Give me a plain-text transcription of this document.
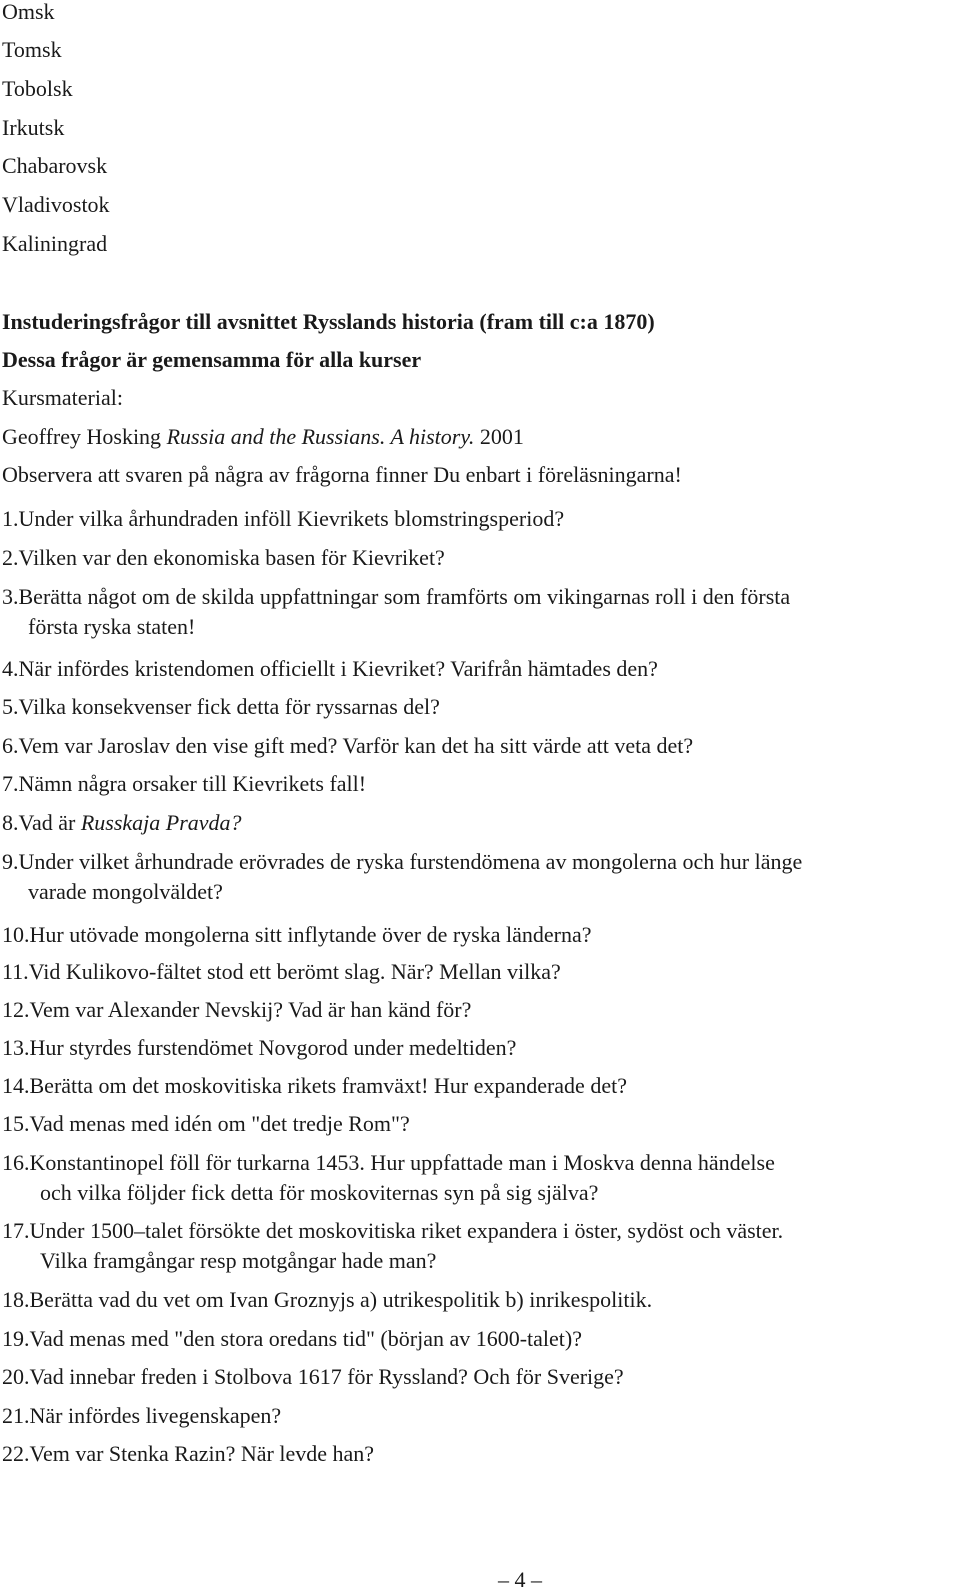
Omsk
Tomsk
Tobolsk
Irkutsk
Chabarovsk
Vladivostok
Kaliningrad
Instuderingsfrågor till avsnittet Rysslands historia (fram till c:a 1870)
Dessa frågor är gemensamma för alla kurser
Kursmaterial:
Geoffrey Hosking Russia and the Russians. A history. 2001
Observera att svaren på några av frågorna finner Du enbart i föreläsningarna!
1.Under vilka århundraden inföll Kievrikets blomstringsperiod?
2.Vilken var den ekonomiska basen för Kievriket?
3.Berätta något om de skilda uppfattningar som framförts om vikingarnas roll i den första
första ryska staten!
4.När infördes kristendomen officiellt i Kievriket? Varifrån hämtades den?
5.Vilka konsekvenser fick detta för ryssarnas del?
6.Vem var Jaroslav den vise gift med? Varför kan det ha sitt värde att veta det?
7.Nämn några orsaker till Kievrikets fall!
8.Vad är Russkaja Pravda?
9.Under vilket århundrade erövrades de ryska furstendömena av mongolerna och hur länge
varade mongolväldet?
10.Hur utövade mongolerna sitt inflytande över de ryska länderna?
11.Vid Kulikovo-fältet stod ett berömt slag. När? Mellan vilka?
12.Vem var Alexander Nevskij? Vad är han känd för?
13.Hur styrdes furstendömet Novgorod under medeltiden?
14.Berätta om det moskovitiska rikets framväxt! Hur expanderade det?
15.Vad menas med idén om "det tredje Rom"?
16.Konstantinopel föll för turkarna 1453. Hur uppfattade man i Moskva denna händelse
och vilka följder fick detta för moskoviternas syn på sig själva?
17.Under 1500–talet försökte det moskovitiska riket expandera i öster, sydöst och väster.
Vilka framgångar resp motgångar hade man?
18.Berätta vad du vet om Ivan Groznyjs a) utrikespolitik b) inrikespolitik.
19.Vad menas med "den stora oredans tid" (början av 1600-talet)?
20.Vad innebar freden i Stolbova 1617 för Ryssland? Och för Sverige?
21.När infördes livegenskapen?
22.Vem var Stenka Razin? När levde han?
– 4 –
